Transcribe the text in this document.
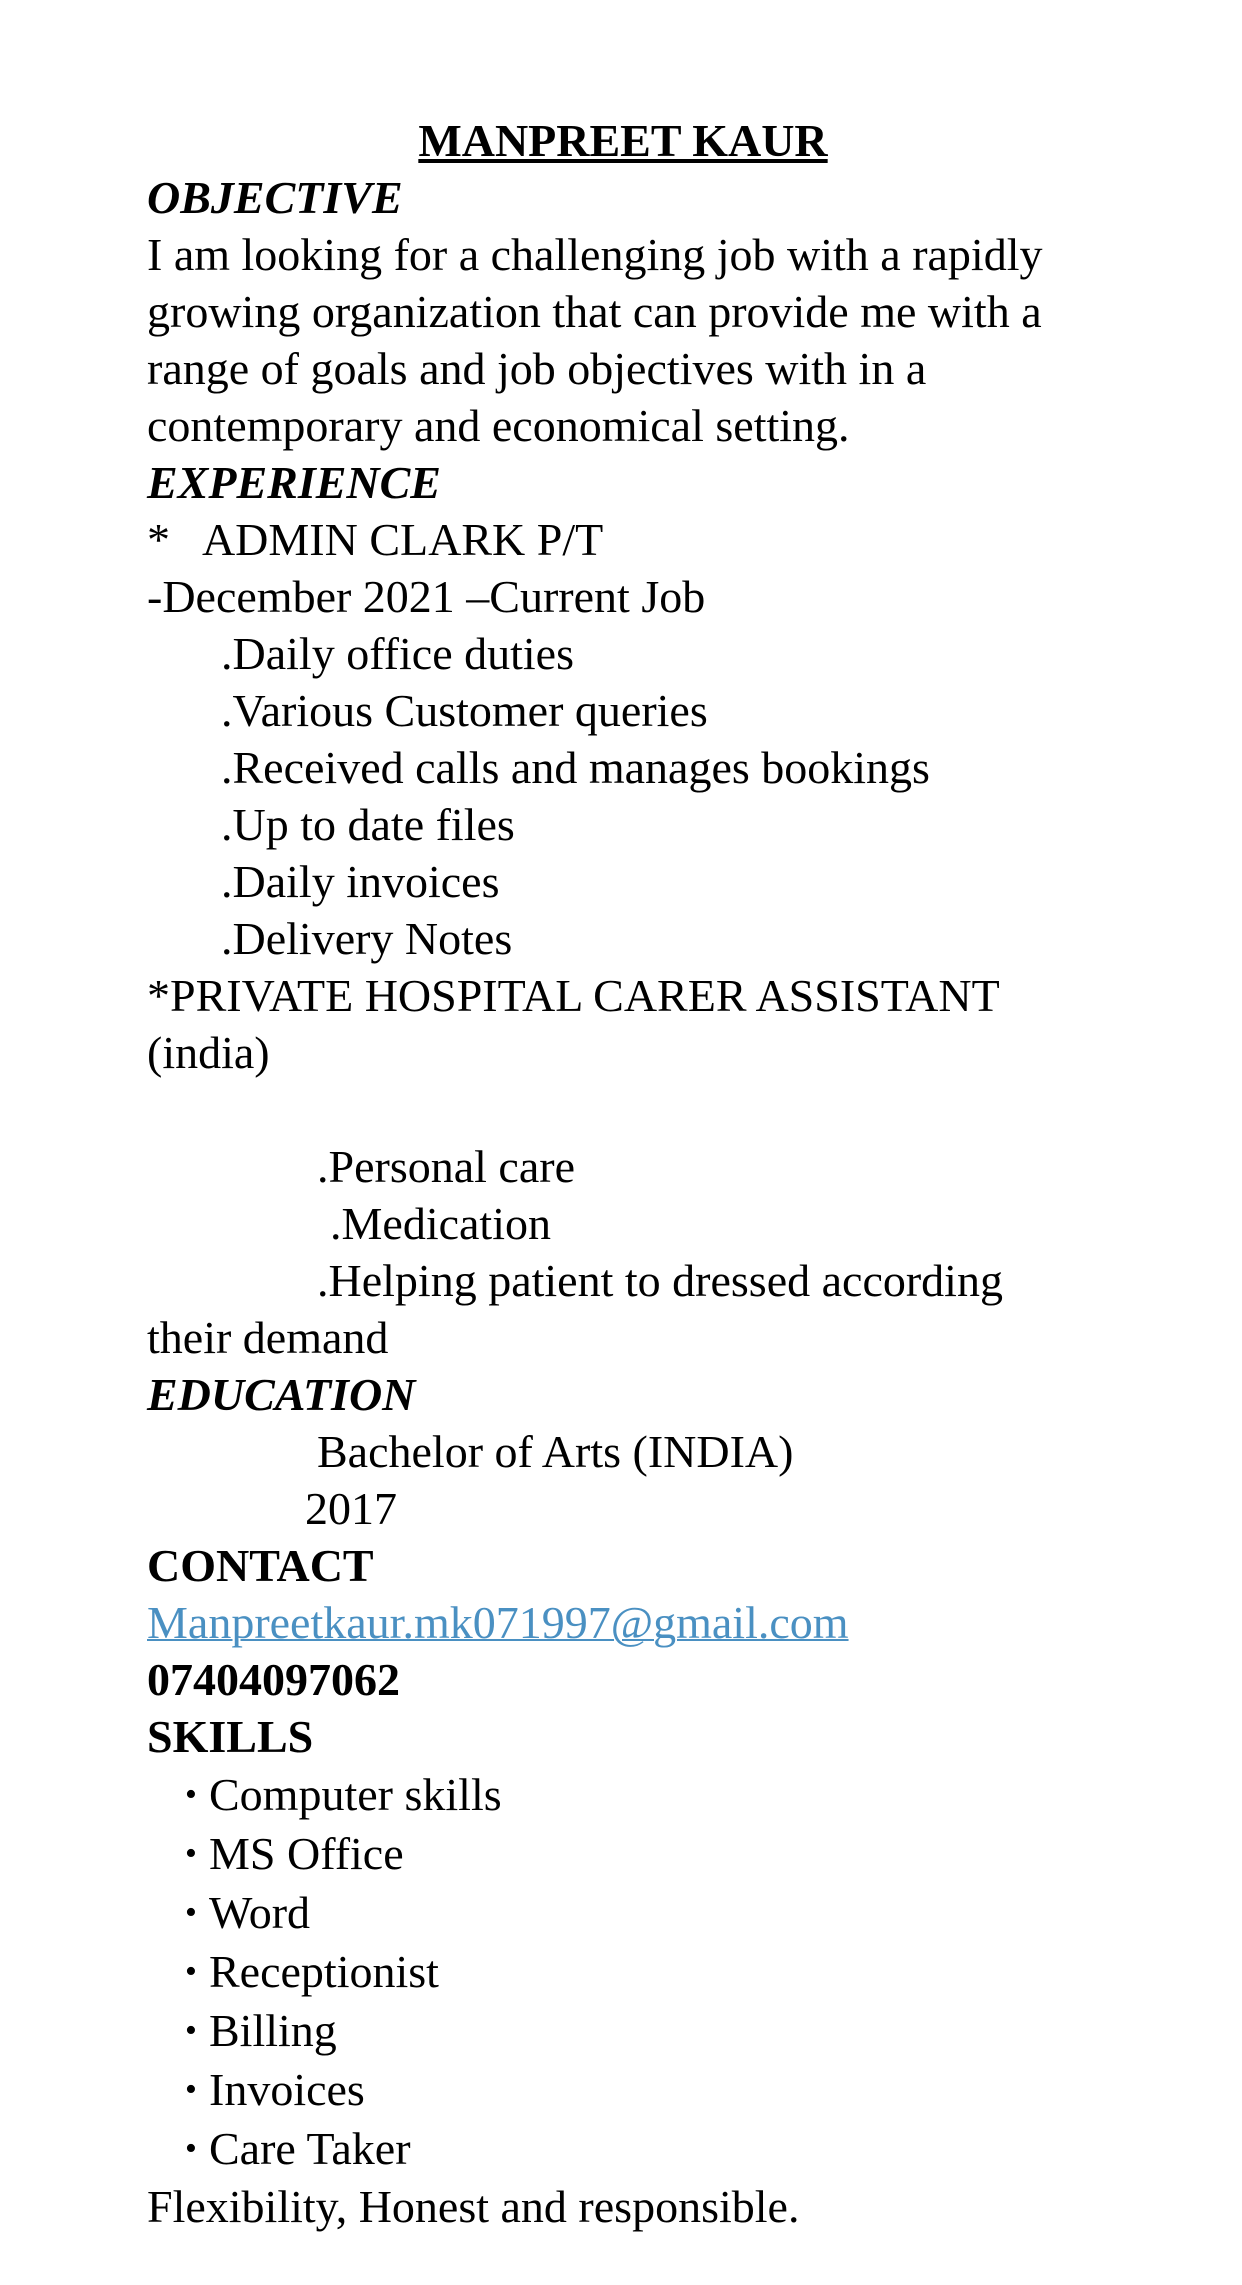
MANPREET KAUR
OBJECTIVE
I am looking for a challenging job with a rapidly
growing organization that can provide me with a
range of goals and job objectives with in a
contemporary and economical setting.
EXPERIENCE
*   ADMIN CLARK P/T
-December 2021 –Current Job
.Daily office duties
.Various Customer queries
.Received calls and manages bookings
.Up to date files
.Daily invoices
.Delivery Notes
*PRIVATE HOSPITAL CARER ASSISTANT
(india)
.Personal care
.Medication
.Helping patient to dressed according
their demand
EDUCATION
Bachelor of Arts (INDIA)
2017
CONTACT
Manpreetkaur.mk071997@gmail.com
07404097062
SKILLS
• Computer skills
• MS Office
• Word
• Receptionist
• Billing
• Invoices
• Care Taker
Flexibility, Honest and responsible.
